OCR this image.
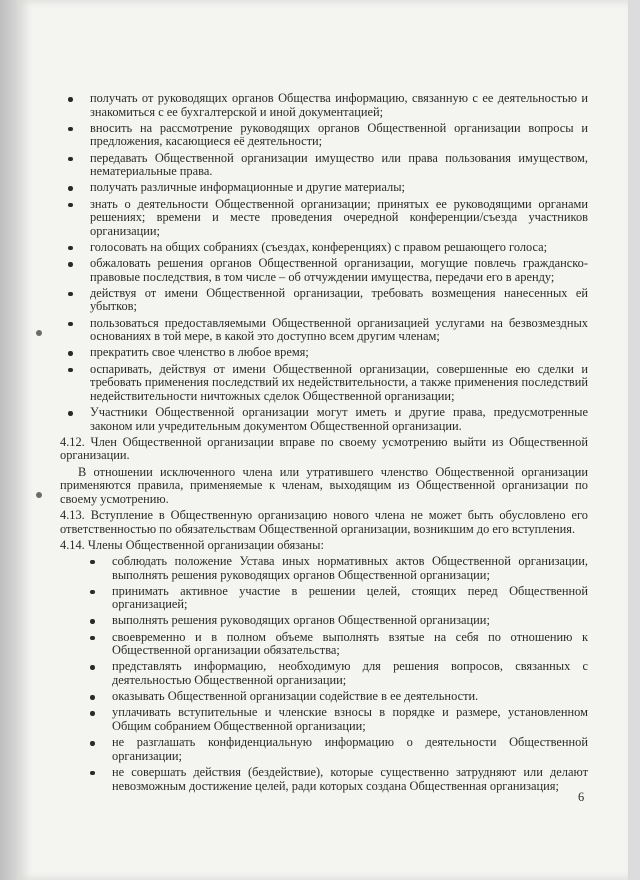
получать от руководящих органов Общества информацию, связанную с ее деятельностью и знакомиться с ее бухгалтерской и иной документацией;
вносить на рассмотрение руководящих органов Общественной организации вопросы и предложения, касающиеся её деятельности;
передавать Общественной организации имущество или права пользования имуществом, нематериальные права.
получать различные информационные и другие материалы;
знать о деятельности Общественной организации; принятых ее руководящими органами решениях; времени и месте проведения очередной конференции/съезда участников организации;
голосовать на общих собраниях (съездах, конференциях) с правом решающего голоса;
обжаловать решения органов Общественной организации, могущие повлечь гражданско-правовые последствия, в том числе – об отчуждении имущества, передачи его в аренду;
действуя от имени Общественной организации, требовать возмещения нанесенных ей убытков;
пользоваться предоставляемыми Общественной организацией услугами на безвозмездных основаниях в той мере, в какой это доступно всем другим членам;
прекратить свое членство в любое время;
оспаривать, действуя от имени Общественной организации, совершенные ею сделки и требовать применения последствий их недействительности, а также применения последствий недействительности ничтожных сделок Общественной организации;
Участники Общественной организации могут иметь и другие права, предусмотренные законом или учредительным документом Общественной организации.

4.12. Член Общественной организации вправе по своему усмотрению выйти из Общественной организации.

В отношении исключенного члена или утратившего членство Общественной организации применяются правила, применяемые к членам, выходящим из Общественной организации по своему усмотрению.

4.13. Вступление в Общественную организацию нового члена не может быть обусловлено его ответственностью по обязательствам Общественной организации, возникшим до его вступления.

4.14. Члены Общественной организации обязаны:

соблюдать положение Устава иных нормативных актов Общественной организации, выполнять решения руководящих органов Общественной организации;
принимать активное участие в решении целей, стоящих перед Общественной организацией;
выполнять решения руководящих органов Общественной организации;
своевременно и в полном объеме выполнять взятые на себя по отношению к Общественной организации обязательства;
представлять информацию, необходимую для решения вопросов, связанных с деятельностью Общественной организации;
оказывать Общественной организации содействие в ее деятельности.
уплачивать вступительные и членские взносы в порядке и размере, установленном Общим собранием Общественной организации;
не разглашать конфиденциальную информацию о деятельности Общественной организации;
не совершать действия (бездействие), которые существенно затрудняют или делают невозможным достижение целей, ради которых создана Общественная организация;
6
